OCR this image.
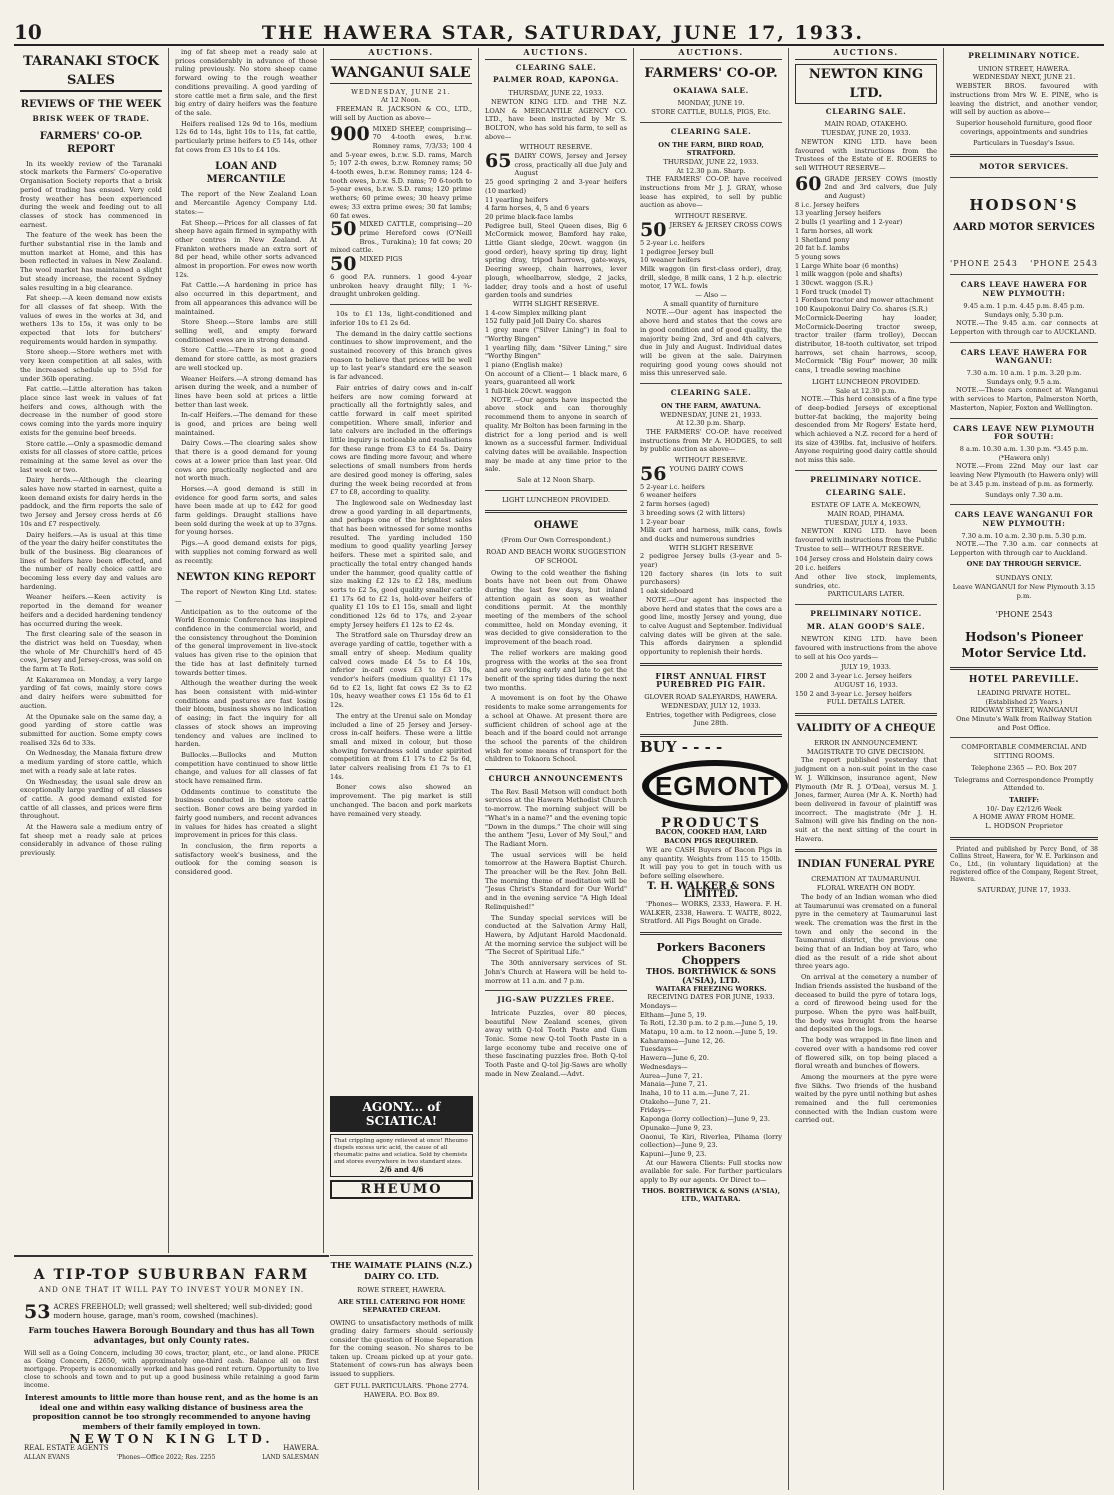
10	THE HAWERA STAR, SATURDAY, JUNE 17, 1933.
TARANAKI STOCK SALES
REVIEWS OF THE WEEK
BRISK WEEK OF TRADE.
FARMERS' CO-OP. REPORT

In its weekly review of the Taranaki stock markets the Farmers' Co-operative Organisation Society reports that a brisk period of trading has ensued. Very cold frosty weather has been experienced during the week and feeding out to all classes of stock has commenced in earnest.

The feature of the week has been the further substantial rise in the lamb and mutton market at Home, and this has been reflected in values in New Zealand. The wool market has maintained a slight but steady increase, the recent Sydney sales resulting in a big clearance.

Fat sheep.—A keen demand now exists for all classes of fat sheep. With the values of ewes in the works at 3d, and wethers 13s to 15s, it was only to be expected that lots for butchers' requirements would harden in sympathy.

Store sheep.—Store wethers met with very keen competition at all sales, with the increased schedule up to 5½d for under 36lb operating.

Fat cattle.—Little alteration has taken place since last week in values of fat heifers and cows, although with the decrease in the number of good store cows coming into the yards more inquiry exists for the genuine beef breeds.

Store cattle.—Only a spasmodic demand exists for all classes of store cattle, prices remaining at the same level as over the last week or two.

Dairy herds.—Although the clearing sales have now started in earnest, quite a keen demand exists for dairy herds in the paddock, and the firm reports the sale of two Jersey and Jersey cross herds at £6 10s and £7 respectively.

Dairy heifers.—As is usual at this time of the year the dairy heifer constitutes the bulk of the business. Big clearances of lines of heifers have been effected, and the number of really choice cattle are becoming less every day and values are hardening.

Weaner heifers.—Keen activity is reported in the demand for weaner heifers and a decided hardening tendency has occurred during the week.

The first clearing sale of the season in the district was held on Tuesday, when the whole of Mr Churchill's herd of 45 cows, Jersey and Jersey-cross, was sold on the farm at Te Roti.

At Kakaramea on Monday, a very large yarding of fat cows, mainly store cows and dairy heifers were submitted for auction.

At the Opunake sale on the same day, a good yarding of store cattle was submitted for auction. Some empty cows realised 32s 6d to 33s.

On Wednesday, the Manaia fixture drew a medium yarding of store cattle, which met with a ready sale at late rates.

On Wednesday, the usual sale drew an exceptionally large yarding of all classes of cattle. A good demand existed for cattle of all classes, and prices were firm throughout.

At the Hawera sale a medium entry of fat sheep met a ready sale at prices considerably in advance of those ruling previously.

ing of fat sheep met a ready sale at prices considerably in advance of those ruling previously. No store sheep came forward owing to the rough weather conditions prevailing. A good yarding of store cattle met a firm sale, and the first big entry of dairy heifers was the feature of the sale.

Heifers realised 12s 9d to 16s, medium 12s 6d to 14s, light 10s to 11s, fat cattle, particularly prime heifers to £5 14s, other fat cows from £3 10s to £4 10s.

LOAN AND MERCANTILE

The report of the New Zealand Loan and Mercantile Agency Company Ltd. states:—

Fat Sheep.—Prices for all classes of fat sheep have again firmed in sympathy with other centres in New Zealand. At Frankton wethers made an extra sort of 8d per head, while other sorts advanced almost in proportion. For ewes now worth 12s.

Fat Cattle.—A hardening in price has also occurred in this department, and from all appearances this advance will be maintained.

Store Sheep.—Store lambs are still selling well, and empty forward conditioned ewes are in strong demand.

Store Cattle.—There is not a good demand for store cattle, as most graziers are well stocked up.

Weaner Heifers.—A strong demand has arisen during the week, and a number of lines have been sold at prices a little better than last week.

In-calf Heifers.—The demand for these is good, and prices are being well maintained.

Dairy Cows.—The clearing sales show that there is a good demand for young cows at a lower price than last year. Old cows are practically neglected and are not worth much.

Horses.—A good demand is still in evidence for good farm sorts, and sales have been made at up to £42 for good farm geldings. Draught stallions have been sold during the week at up to 37gns. for young horses.

Pigs.—A good demand exists for pigs, with supplies not coming forward as well as recently.

NEWTON KING REPORT

The report of Newton King Ltd. states:—

Anticipation as to the outcome of the World Economic Conference has inspired confidence in the commercial world, and the consistency throughout the Dominion of the general improvement in live-stock values has given rise to the opinion that the tide has at last definitely turned towards better times.

Although the weather during the week has been consistent with mid-winter conditions and pastures are fast losing their bloom, business shows no indication of easing; in fact the inquiry for all classes of stock shows an improving tendency and values are inclined to harden.

Bullocks.—Bullocks and Mutton competition have continued to show little change, and values for all classes of fat stock have remained firm.

Oddments continue to constitute the business conducted in the store cattle section. Boner cows are being yarded in fairly good numbers, and recent advances in values for hides has created a slight improvement in prices for this class.

In conclusion, the firm reports a satisfactory week's business, and the outlook for the coming season is considered good.

AUCTIONS.
WANGANUI SALE
WEDNESDAY, JUNE 21.
At 12 Noon.

FREEMAN R. JACKSON & CO., LTD., will sell by Auction as above—

900 MIXED SHEEP, comprising—70 4-tooth ewes, b.r.w. Romney rams, 7/3/33; 100 4 and 5-year ewes, b.r.w. S.D. rams, March 5; 107 2-th ewes, b.r.w. Romney rams; 50 4-tooth ewes, b.r.w. Romney rams; 124 4-tooth ewes, b.r.w. S.D. rams; 70 6-tooth to 5-year ewes, b.r.w. S.D. rams; 120 prime wethers; 60 prime ewes; 30 heavy prime ewes; 33 extra prime ewes; 30 fat lambs; 60 fat ewes.

50 MIXED CATTLE, comprising—20 prime Hereford cows (O'Neill Bros., Turakina); 10 fat cows; 20 mixed cattle.

50 MIXED PIGS

6 good P.A. runners. 1 good 4-year unbroken heavy draught filly; 1 ¾-draught unbroken gelding.

10s to £1 13s, light-conditioned and inferior 10s to £1 2s 6d.

The demand in the dairy cattle sections continues to show improvement, and the sustained recovery of this branch gives reason to believe that prices will be well up to last year's standard ere the season is far advanced.

Fair entries of dairy cows and in-calf heifers are now coming forward at practically all the fortnightly sales, and cattle forward in calf meet spirited competition. Where small, inferior and late calvers are included in the offerings little inquiry is noticeable and realisations for these range from £3 to £4 5s. Dairy cows are finding more favour, and where selections of small numbers from herds are desired good money is offering, sales during the week being recorded at from £7 to £8, according to quality.

The Inglewood sale on Wednesday last drew a good yarding in all departments, and perhaps one of the brightest sales that has been witnessed for some months resulted. The yarding included 150 medium to good quality yearling Jersey heifers. These met a spirited sale, and practically the total entry changed hands under the hammer, good quality cattle of size making £2 12s to £2 18s, medium sorts to £2 5s, good quality smaller cattle £1 17s 6d to £2 1s, hold-over heifers of quality £1 10s to £1 15s, small and light conditioned 12s 6d to 17s, and 2-year empty Jersey heifers £1 12s to £2 4s.

The Stratford sale on Thursday drew an average yarding of cattle, together with a small entry of sheep. Medium quality calved cows made £4 5s to £4 10s, inferior in-calf cows £3 to £3 10s, vendor's heifers (medium quality) £1 17s 6d to £2 1s, light fat cows £2 3s to £2 10s, heavy weather cows £1 15s 6d to £1 12s.

The entry at the Urenui sale on Monday included a line of 25 Jersey and Jersey-cross in-calf heifers. These were a little small and mixed in colour, but those showing forwardness sold under spirited competition at from £1 17s to £2 5s 6d, later calvers realising from £1 7s to £1 14s.

Boner cows also showed an improvement. The pig market is still unchanged. The bacon and pork markets have remained very steady.

AGONY... of SCIATICA!
That crippling agony relieved at once! Rheumo dispels excess uric acid, the cause of all rheumatic pains and sciatica. Sold by chemists and stores everywhere in two standard sizes.
2/6 and 4/6
RHEUMO
THE WAIMATE PLAINS (N.Z.) DAIRY CO. LTD.
ROWE STREET, HAWERA.
ARE STILL CATERING FOR HOME SEPARATED CREAM.
OWING to unsatisfactory methods of milk grading dairy farmers should seriously consider the question of Home Separation for the coming season. No shares to be taken up. Cream picked up at your gate. Statement of cows-run has always been issued to suppliers.
GET FULL PARTICULARS. 'Phone 2774. HAWERA. P.O. Box 89.
AUCTIONS.
CLEARING SALE.
PALMER ROAD, KAPONGA.
THURSDAY, JUNE 22, 1933.

NEWTON KING LTD. and THE N.Z. LOAN & MERCANTILE AGENCY CO. LTD., have been instructed by Mr S. BOLTON, who has sold his farm, to sell as above—

WITHOUT RESERVE.

65 DAIRY COWS, Jersey and Jersey cross, practically all due July and August

25 good springing 2 and 3-year heifers (10 marked)

11 yearling heifers

4 farm horses, 4, 5 and 6 years

20 prime black-face lambs

Pedigree bull, Steel Queen dises, Big 6 McCormick mower, Bamford hay rake, Little Giant sledge, 20cwt. waggon (in good order), heavy spring tip dray, light spring dray, tripod harrows, gate-ways, Deering sweep, chain harrows, lever plough, wheelbarrow, sledge, 2 jacks, ladder, dray tools and a host of useful garden tools and sundries

WITH SLIGHT RESERVE.

1 4-cow Simplex milking plant

152 fully paid Joll Dairy Co. shares

1 grey mare ("Silver Lining") in foal to "Worthy Bingen"

1 yearling filly, dam "Silver Lining," sire "Worthy Bingen"

1 piano (English make)

On account of a Client— 1 black mare, 6 years, guaranteed all work

1 full-bick 20cwt. waggon

NOTE.—Our agents have inspected the above stock and can thoroughly recommend them to anyone in search of quality. Mr Bolton has been farming in the district for a long period and is well known as a successful farmer. Individual calving dates will be available. Inspection may be made at any time prior to the sale.

Sale at 12 Noon Sharp.
LIGHT LUNCHEON PROVIDED.
OHAWE
(From Our Own Correspondent.)
ROAD AND BEACH WORK SUGGESTION OF SCHOOL

Owing to the cold weather the fishing boats have not been out from Ohawe during the last few days, but inland attention again as soon as weather conditions permit. At the monthly meeting of the members of the school committee, held on Monday evening, it was decided to give consideration to the improvement of the beach road.

The relief workers are making good progress with the works at the sea front and are working early and late to get the benefit of the spring tides during the next two months.

A movement is on foot by the Ohawe residents to make some arrangements for a school at Ohawe. At present there are sufficient children of school age at the beach and if the board could not arrange the school the parents of the children wish for some means of transport for the children to Tokaora School.

CHURCH ANNOUNCEMENTS

The Rev. Basil Metson will conduct both services at the Hawera Methodist Church to-morrow. The morning subject will be "What's in a name?" and the evening topic "Down in the dumps." The choir will sing the anthem "Jesu, Lover of My Soul," and The Radiant Morn.

The usual services will be held tomorrow at the Hawera Baptist Church. The preacher will be the Rev. John Bell. The morning theme of meditation will be "Jesus Christ's Standard for Our World" and in the evening service "A High Ideal Relinquished!"

The Sunday special services will be conducted at the Salvation Army Hall, Hawera, by Adjutant Harold Macdonald. At the morning service the subject will be "The Secret of Spiritual Life."

The 30th anniversary services of St. John's Church at Hawera will be held to-morrow at 11 a.m. and 7 p.m.

JIG-SAW PUZZLES FREE.

Intricate Puzzles, over 80 pieces, beautiful New Zealand scenes, given away with Q-tol Tooth Paste and Gum Tonic. Some new Q-tol Tooth Paste in a large economy tube and receive one of these fascinating puzzles free. Both Q-tol Tooth Paste and Q-tol Jig-Saws are wholly made in New Zealand.—Advt.

AUCTIONS.
FARMERS' CO-OP.
OKAIAWA SALE.
MONDAY, JUNE 19.
STORE CATTLE, BULLS, PIGS, Etc.
CLEARING SALE.
ON THE FARM, BIRD ROAD, STRATFORD.
THURSDAY, JUNE 22, 1933.
At 12.30 p.m. Sharp.

THE FARMERS' CO-OP. have received instructions from Mr J. J. GRAY, whose lease has expired, to sell by public auction as above—

WITHOUT RESERVE.

50 JERSEY & JERSEY CROSS COWS

5 2-year i.c. heifers

1 pedigree Jersey bull

10 weaner heifers

Milk waggon (in first-class order), dray, drill, sledge, 8 milk cans, 1 2 h.p. electric motor, 17 W.L. fowls

— Also —
A small quantity of furniture

NOTE.—Our agent has inspected the above herd and states that the cows are in good condition and of good quality, the majority being 2nd, 3rd and 4th calvers, due in July and August. Individual dates will be given at the sale. Dairymen requiring good young cows should not miss this unreserved sale.

CLEARING SALE.
ON THE FARM, AWATUNA.
WEDNESDAY, JUNE 21, 1933.
At 12.30 p.m. Sharp.

THE FARMERS' CO-OP. have received instructions from Mr A. HODGES, to sell by public auction as above—

WITHOUT RESERVE.

56 YOUNG DAIRY COWS

5 2-year i.c. heifers

6 weaner heifers

2 farm horses (aged)

3 breeding sows (2 with litters)

1 2-year boar

Milk cart and harness, milk cans, fowls and ducks and numerous sundries

WITH SLIGHT RESERVE

2 pedigree Jersey bulls (3-year and 5-year)

120 factory shares (in lots to suit purchasers)

1 oak sideboard

NOTE.—Our agent has inspected the above herd and states that the cows are a good line, mostly Jersey and young, due to calve August and September. Individual calving dates will be given at the sale. This affords dairymen a splendid opportunity to replenish their herds.

FIRST ANNUAL FIRST PUREBRED PIG FAIR.
GLOVER ROAD SALEYARDS, HAWERA.
WEDNESDAY, JULY 12, 1933.
Entries, together with Pedigrees, close June 28th.
BUY - - - -
EGMONT
PRODUCTS
BACON, COOKED HAM, LARD
BACON PIGS REQUIRED.

WE are CASH Buyers of Bacon Pigs in any quantity. Weights from 115 to 150lb. It will pay you to get in touch with us before selling elsewhere.

T. H. WALKER & SONS LIMITED.

'Phones— WORKS, 2333, Hawera. F. H. WALKER, 2338, Hawera. T. WAITE, 8022, Stratford. All Pigs Bought on Grade.

Porkers Baconers Choppers
THOS. BORTHWICK & SONS (A'SIA), LTD.
WAITARA FREEZING WORKS.
RECEIVING DATES FOR JUNE, 1933.

Mondays—

Eltham—June 5, 19.

Te Roti, 12.30 p.m. to 2 p.m.—June 5, 19.

Matapu, 10 a.m. to 12 noon.—June 5, 19.

Kaharamea—June 12, 26.

Tuesdays—

Hawera—June 6, 20.

Wednesdays—

Aurea—June 7, 21.

Manaia—June 7, 21.

Inaha, 10 to 11 a.m.—June 7, 21.

Otakeho—June 7, 21.

Fridays—

Kaponga (lorry collection)—June 9, 23.

Opunake—June 9, 23.

Oaonui, Te Kiri, Riverlea, Pihama (lorry collection)—June 9, 23.

Kapuni—June 9, 23.

At our Hawera Clients: Full stocks now available for sale. For further particulars apply to By our agents. Or Direct to—

THOS. BORTHWICK & SONS (A'SIA), LTD., WAITARA.
AUCTIONS.
NEWTON KING LTD.
CLEARING SALE.
MAIN ROAD, OTAKEHO.
TUESDAY, JUNE 20, 1933.

NEWTON KING LTD. have been favoured with instructions from the Trustees of the Estate of E. ROGERS to sell WITHOUT RESERVE—

60 GRADE JERSEY COWS (mostly 2nd and 3rd calvers, due July and August)

8 i.c. Jersey heifers

13 yearling Jersey heifers

2 bulls (1 yearling and 1 2-year)

1 farm horses, all work

1 Shetland pony

20 fat b.f. lambs

5 young sows

1 Large White boar (6 months)

1 milk waggon (pole and shafts)

1 30cwt. waggon (S.R.)

1 Ford truck (model T)

1 Fordson tractor and mower attachment

100 Kaupokonui Dairy Co. shares (S.R.)

McCormick-Deering hay loader, McCormick-Deering tractor sweep, tractor trailer (farm trolley), Deccan distributor, 18-tooth cultivator, set tripod harrows, set chain harrows, scoop, McCormick "Big Four" mower, 30 milk cans, 1 treadle sewing machine

LIGHT LUNCHEON PROVIDED.
Sale at 12.30 p.m.

NOTE.—This herd consists of a fine type of deep-bodied Jerseys of exceptional butter-fat backing, the majority being descended from Mr Rogers' Estate herd, which achieved a N.Z. record for a herd of its size of 439lbs. fat, inclusive of heifers. Anyone requiring good dairy cattle should not miss this sale.

PRELIMINARY NOTICE.
CLEARING SALE.
ESTATE OF LATE A. McKEOWN,
MAIN ROAD, PIHAMA.
TUESDAY, JULY 4, 1933.

NEWTON KING LTD. have been favoured with instructions from the Public Trustee to sell— WITHOUT RESERVE.

104 Jersey cross and Holstein dairy cows

20 i.c. heifers

And other live stock, implements, sundries, etc.

PARTICULARS LATER.
PRELIMINARY NOTICE.
MR. ALAN GOOD'S SALE.

NEWTON KING LTD. have been favoured with instructions from the above to sell at his Oco yards—

JULY 19, 1933.

200 2 and 3-year i.c. Jersey heifers

AUGUST 16, 1933.

150 2 and 3-year i.c. Jersey heifers

FULL DETAILS LATER.
VALIDITY OF A CHEQUE
ERROR IN ANNOUNCEMENT.
MAGISTRATE TO GIVE DECISION.

The report published yesterday that judgment on a non-suit point in the case W. J. Wilkinson, insurance agent, New Plymouth (Mr R. J. O'Dea), versus M. J. Jones, farmer, Aurea (Mr A. K. North) had been delivered in favour of plaintiff was incorrect. The magistrate (Mr J. H. Salmon) will give his finding on the non-suit at the next sitting of the court in Hawera.

INDIAN FUNERAL PYRE
CREMATION AT TAUMARUNUI.
FLORAL WREATH ON BODY.

The body of an Indian woman who died at Taumarunui was cremated on a funeral pyre in the cemetery at Taumarunui last week. The cremation was the first in the town and only the second in the Taumarunui district, the previous one being that of an Indian boy at Taro, who died as the result of a ride shot about three years ago.

On arrival at the cemetery a number of Indian friends assisted the husband of the deceased to build the pyre of totara logs, a cord of firewood being used for the purpose. When the pyre was half-built, the body was brought from the hearse and deposited on the logs.

The body was wrapped in fine linen and covered over with a handsome red cover of flowered silk, on top being placed a floral wreath and bunches of flowers.

Among the mourners at the pyre were five Sikhs. Two friends of the husband waited by the pyre until nothing but ashes remained and the full ceremonies connected with the Indian custom were carried out.

PRELIMINARY NOTICE.
UNION STREET, HAWERA.
WEDNESDAY NEXT, JUNE 21.

WEBSTER BROS. favoured with instructions from Mrs W. E. PINE, who is leaving the district, and another vendor, will sell by auction as above—

Superior household furniture, good floor coverings, appointments and sundries
Particulars in Tuesday's Issue.
MOTOR SERVICES.
HODSON'S
AARD MOTOR SERVICES
'PHONE 2543 'PHONE 2543
CARS LEAVE HAWERA FOR NEW PLYMOUTH:
9.45 a.m. 1 p.m. 4.45 p.m. 8.45 p.m.
Sundays only, 5.30 p.m.

NOTE.—The 9.45 a.m. car connects at Lepperton with through car to AUCKLAND.

CARS LEAVE HAWERA FOR WANGANUI:
7.30 a.m. 10 a.m. 1 p.m. 3.20 p.m.
Sundays only, 9.5 a.m.

NOTE.—These cars connect at Wanganui with services to Marton, Palmerston North, Masterton, Napier, Foxton and Wellington.

CARS LEAVE NEW PLYMOUTH FOR SOUTH:
8 a.m. 10.30 a.m. 1.30 p.m. *3.45 p.m.
(*Hawera only)

NOTE.—From 22nd May our last car leaving New Plymouth (to Hawera only) will be at 3.45 p.m. instead of p.m. as formerly.

Sundays only 7.30 a.m.
CARS LEAVE WANGANUI FOR NEW PLYMOUTH:
7.30 a.m. 10 a.m. 2.30 p.m. 5.30 p.m.

NOTE.—The 7.30 a.m. car connects at Lepperton with through car to Auckland.

ONE DAY THROUGH SERVICE.
SUNDAYS ONLY.
Leave WANGANUI for New Plymouth 3.15 p.m.
'PHONE 2543
Hodson's Pioneer Motor Service Ltd.
HOTEL PAREVILLE.
LEADING PRIVATE HOTEL.
(Established 25 Years.)
RIDGWAY STREET, WANGANUI
One Minute's Walk from Railway Station and Post Office.
COMFORTABLE COMMERCIAL AND SITTING ROOMS.
Telephone 2365 — P.O. Box 207
Telegrams and Correspondence Promptly Attended to.
TARIFF:
10/- Day £2/12/6 Week
A HOME AWAY FROM HOME.
L. HODSON Proprietor

Printed and published by Percy Bond, of 38 Collins Street, Hawera, for W. E. Parkinson and Co., Ltd., (in voluntary liquidation) at the registered office of the Company, Regent Street, Hawera.

SATURDAY, JUNE 17, 1933.
A TIP-TOP SUBURBAN FARM
AND ONE THAT IT WILL PAY TO INVEST YOUR MONEY IN.
53 ACRES FREEHOLD; well grassed; well sheltered; well sub-divided; good modern house, garage, man's room, cowshed (machines).
Farm touches Hawera Borough Boundary and thus has all Town advantages, but only County rates.
Will sell as a Going Concern, including 30 cows, tractor, plant, etc., or land alone. PRICE as Going Concern, £2650, with approximately one-third cash. Balance all on first mortgage. Property is economically worked and has good rent return. Opportunity to live close to schools and town and to put up a good business while retaining a good farm income.
Interest amounts to little more than house rent, and as the home is an ideal one and within easy walking distance of business area the proposition cannot be too strongly recommended to anyone having members of their family employed in town.
NEWTON KING LTD.
REAL ESTATE AGENTS	HAWERA.
ALLAN EVANS	'Phones—Office 2022; Res. 2255	LAND SALESMAN
